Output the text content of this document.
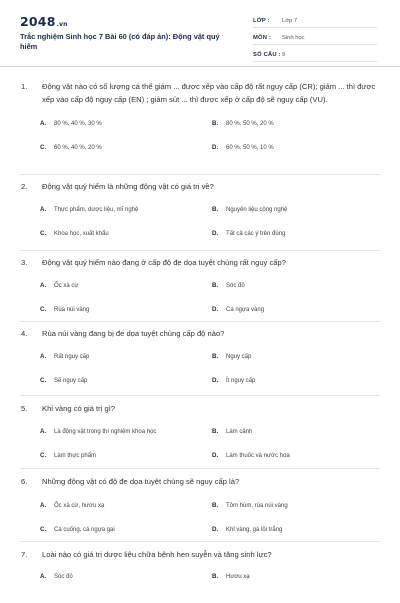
2048.vn
Trắc nghiệm Sinh học 7 Bài 60 (có đáp án): Động vật quý hiếm
LỚP :	Lớp 7
MÔN :	Sinh học
SỐ CÂU : 9
1.	Động vật nào có số lượng cá thể giảm ... được xếp vào cấp độ rất nguy cấp (CR); giảm ... thì được xếp vào cấp độ nguy cấp (EN) ; giảm sút ... thì được xếp ở cấp độ sẽ nguy cấp (VU).
A. 80 %, 40 %, 30 %	B. 80 %, 50 %, 20 %
C. 60 %, 40 %, 20 %	D. 60 %, 50 %, 10 %
2.	Động vật quý hiếm là những động vật có giá trị về?
A. Thực phẩm, dược liệu, mĩ nghệ	B. Nguyên liệu công nghệ
C. Khoa học, xuất khẩu	D. Tất cả các ý trên đúng
3.	Động vật quý hiếm nào đang ở cấp độ đe dọa tuyệt chủng rất nguy cấp?
A. Ốc xà cừ	B. Sóc đỏ
C. Rùa núi vàng	D. Cá ngựa vàng
4.	Rùa núi vàng đang bị đe dọa tuyệt chủng cấp độ nào?
A. Rất nguy cấp	B. Nguy cấp
C. Sẽ nguy cấp	D. Ít nguy cấp
5.	Khỉ vàng có giá trị gì?
A. Là động vật trong thí nghiệm khoa học	B. Làm cảnh
C. Làm thực phẩm	D. Làm thuốc và nước hoa
6.	Những động vật có độ đe dọa tuyệt chủng sẽ nguy cấp là?
A. Ốc xà cừ, hươu xạ	B. Tôm hùm, rùa núi vàng
C. Cà cuống, cá ngựa gai	D. Khỉ vàng, gà lôi trắng
7.	Loài nào có giá trị dược liệu chữa bệnh hen suyễn và tăng sinh lực?
A. Sóc đỏ	B. Hươu xạ
